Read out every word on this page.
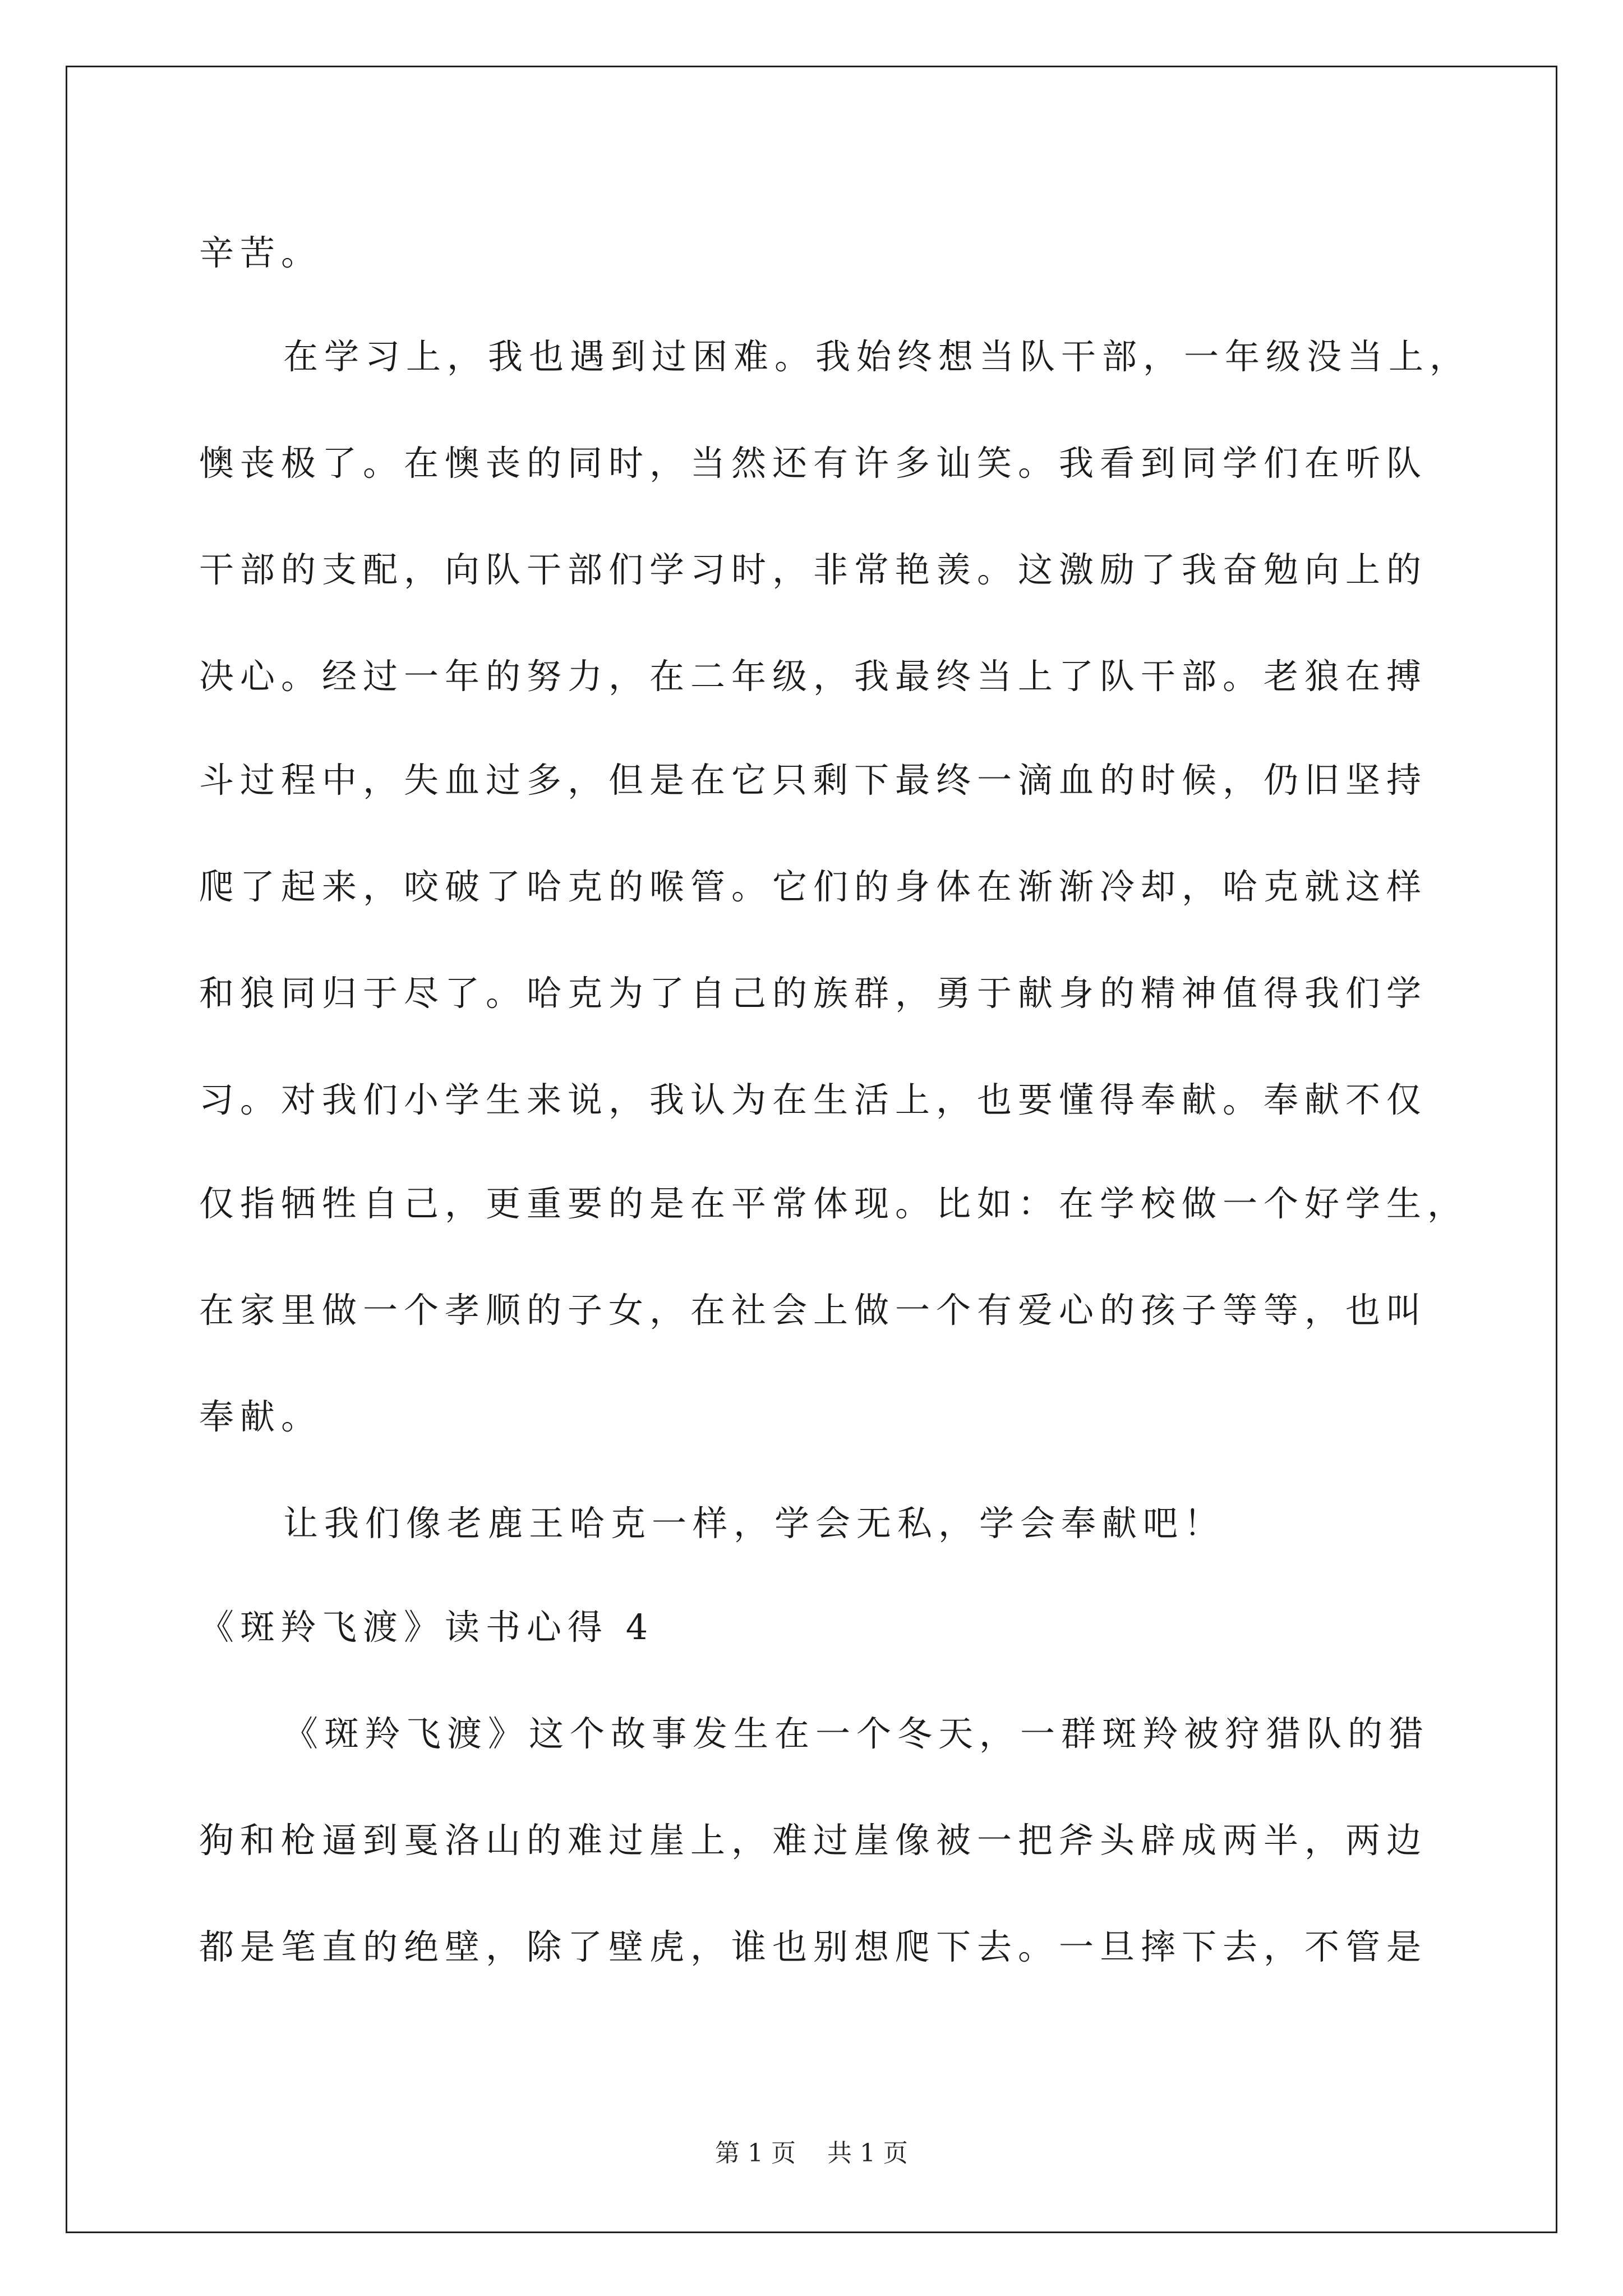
辛苦。
在学习上，我也遇到过困难。我始终想当队干部，一年级没当上，
懊丧极了。在懊丧的同时，当然还有许多讪笑。我看到同学们在听队
干部的支配，向队干部们学习时，非常艳羡。这激励了我奋勉向上的
决心。经过一年的努力，在二年级，我最终当上了队干部。老狼在搏
斗过程中，失血过多，但是在它只剩下最终一滴血的时候，仍旧坚持
爬了起来，咬破了哈克的喉管。它们的身体在渐渐冷却，哈克就这样
和狼同归于尽了。哈克为了自己的族群，勇于献身的精神值得我们学
习。对我们小学生来说，我认为在生活上，也要懂得奉献。奉献不仅
仅指牺牲自己，更重要的是在平常体现。比如：在学校做一个好学生，
在家里做一个孝顺的子女，在社会上做一个有爱心的孩子等等，也叫
奉献。
让我们像老鹿王哈克一样，学会无私，学会奉献吧！
《斑羚飞渡》读书心得 4
《斑羚飞渡》这个故事发生在一个冬天，一群斑羚被狩猎队的猎
狗和枪逼到戛洛山的难过崖上，难过崖像被一把斧头辟成两半，两边
都是笔直的绝壁，除了壁虎，谁也别想爬下去。一旦摔下去，不管是
第 1 页    共 1 页
